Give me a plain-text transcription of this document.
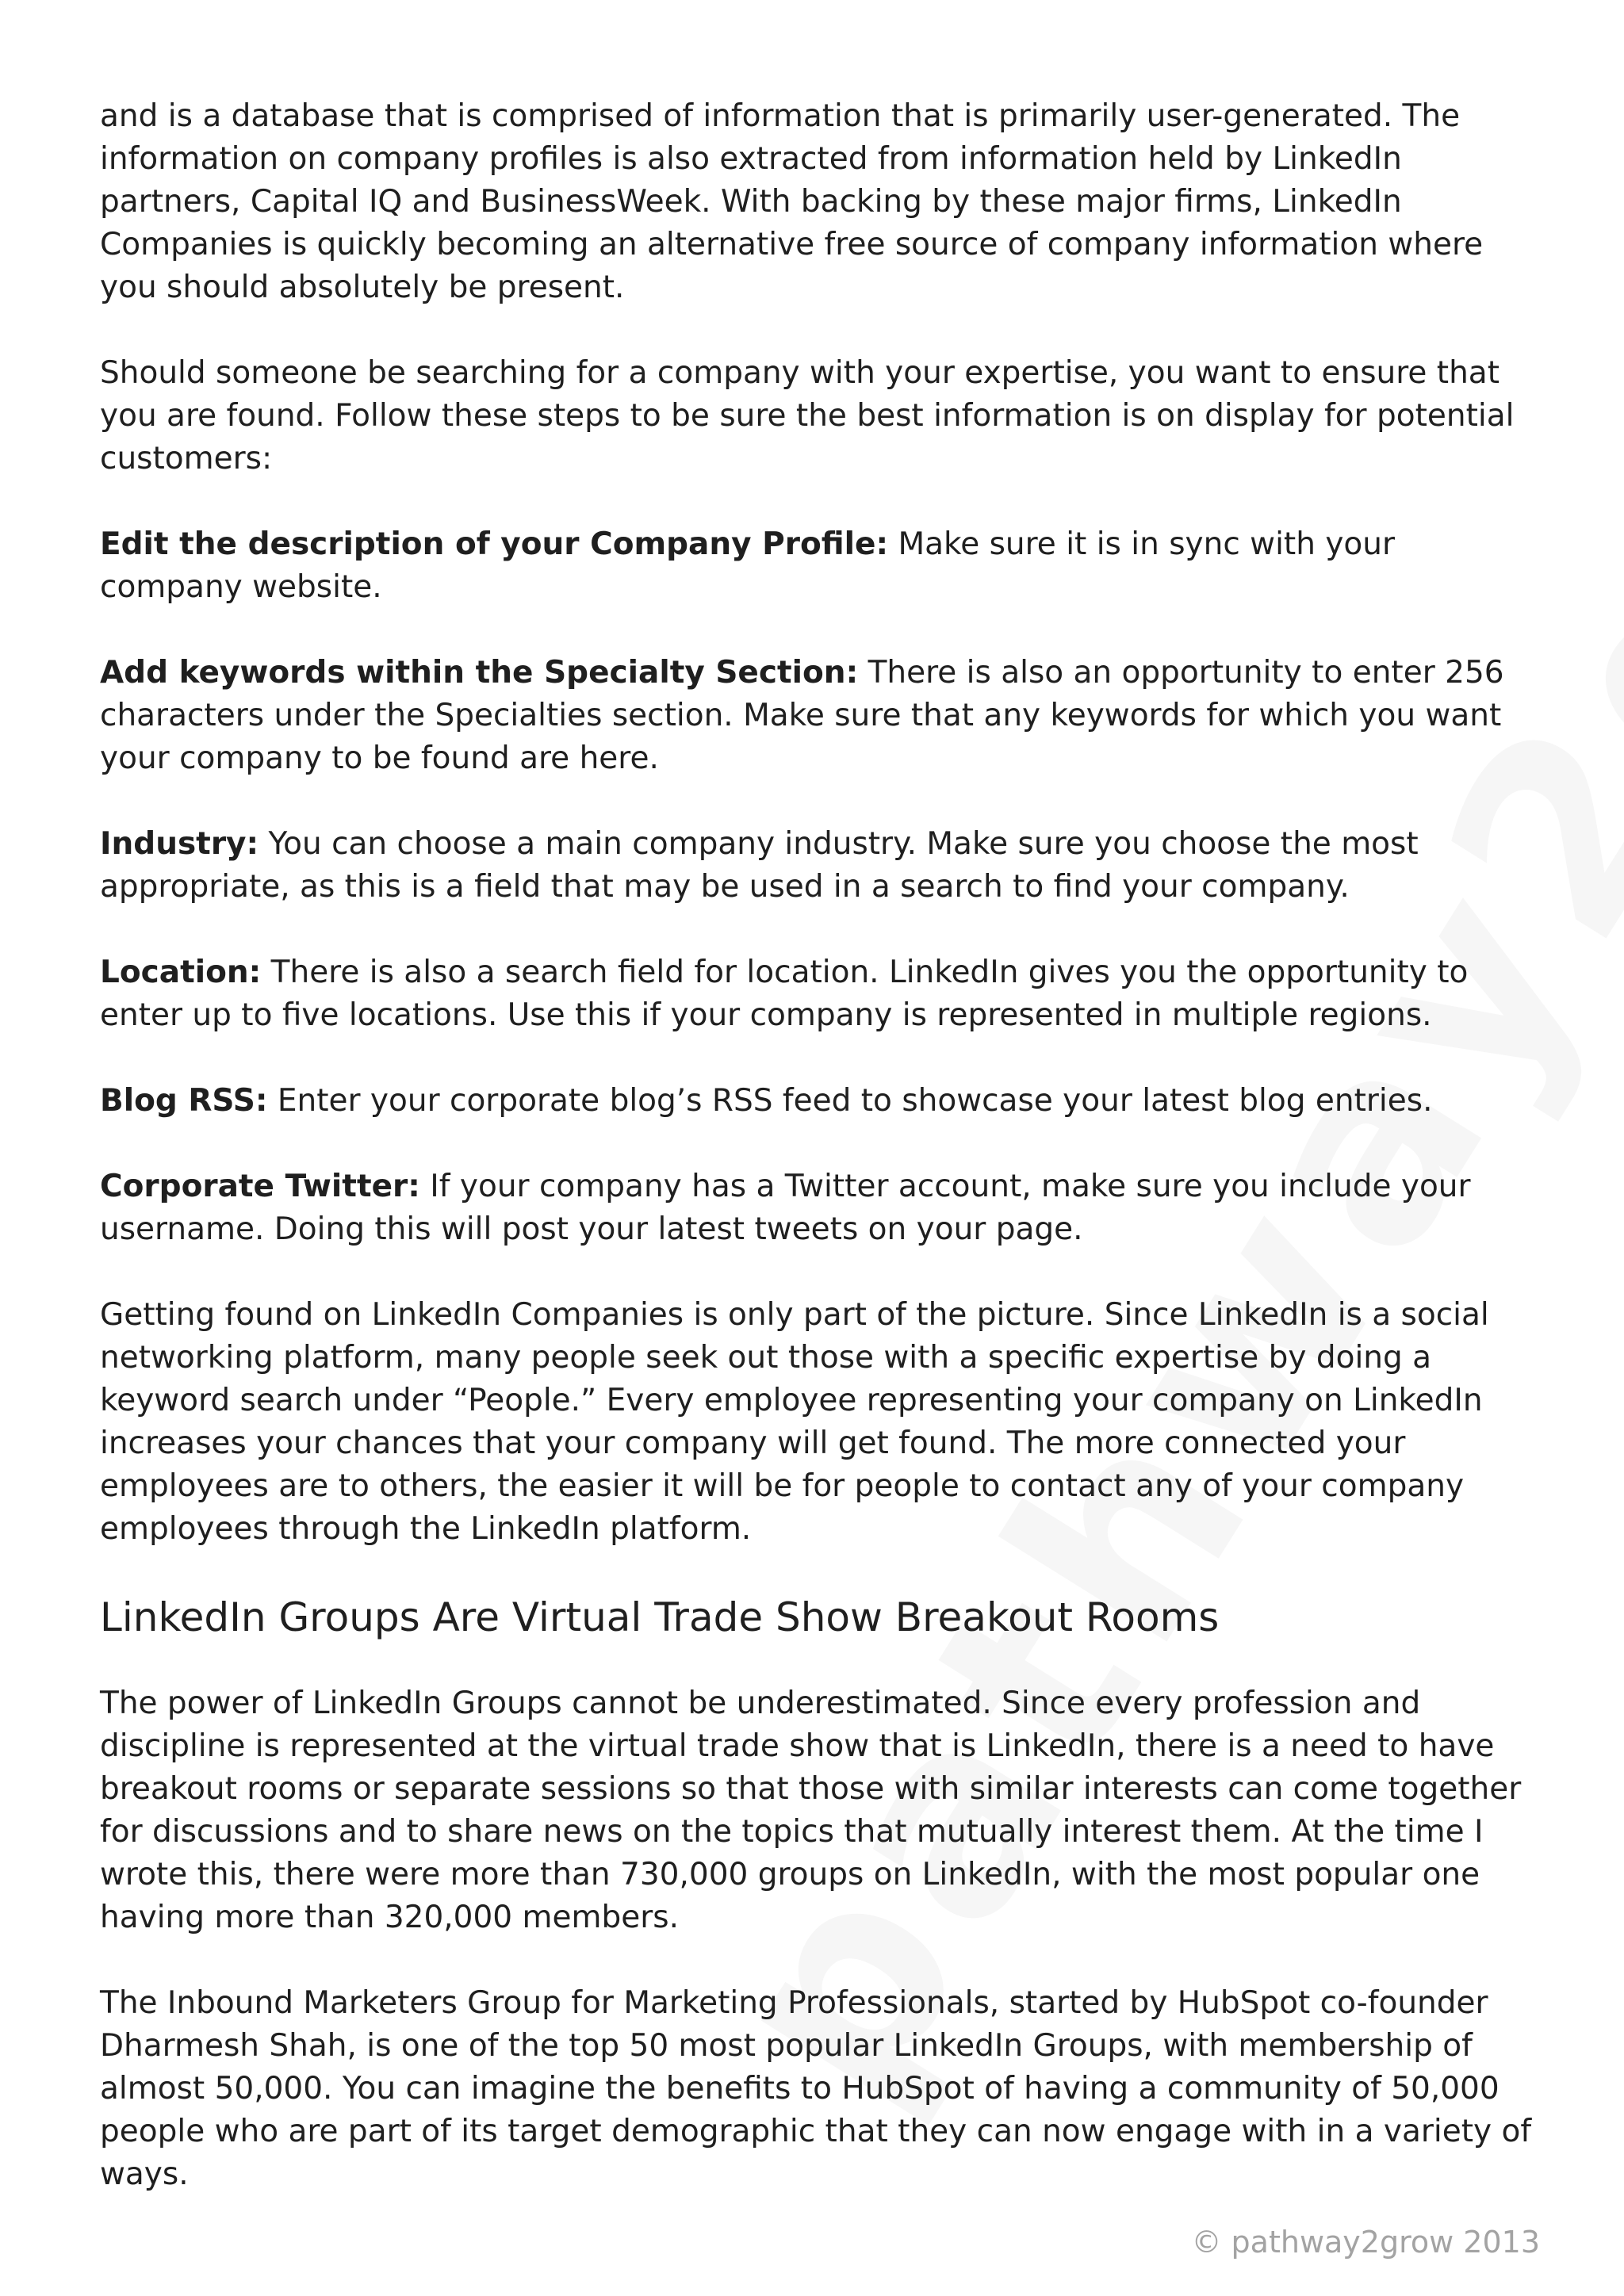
and is a database that is comprised of information that is primarily user-generated. The information on company profiles is also extracted from information held by LinkedIn partners, Capital IQ and BusinessWeek. With backing by these major firms, LinkedIn Companies is quickly becoming an alternative free source of company information where you should absolutely be present.

Should someone be searching for a company with your expertise, you want to ensure that you are found. Follow these steps to be sure the best information is on display for potential customers:

Edit the description of your Company Profile: Make sure it is in sync with your company website.

Add keywords within the Specialty Section: There is also an opportunity to enter 256 characters under the Specialties section. Make sure that any keywords for which you want your company to be found are here.

Industry: You can choose a main company industry. Make sure you choose the most appropriate, as this is a field that may be used in a search to find your company.

Location: There is also a search field for location. LinkedIn gives you the opportunity to enter up to five locations. Use this if your company is represented in multiple regions.

Blog RSS: Enter your corporate blog’s RSS feed to showcase your latest blog entries.

Corporate Twitter: If your company has a Twitter account, make sure you include your username. Doing this will post your latest tweets on your page.

Getting found on LinkedIn Companies is only part of the picture. Since LinkedIn is a social networking platform, many people seek out those with a specific expertise by doing a keyword search under “People.” Every employee representing your company on LinkedIn increases your chances that your company will get found. The more connected your employees are to others, the easier it will be for people to contact any of your company employees through the LinkedIn platform.

LinkedIn Groups Are Virtual Trade Show Breakout Rooms

The power of LinkedIn Groups cannot be underestimated. Since every profession and discipline is represented at the virtual trade show that is LinkedIn, there is a need to have breakout rooms or separate sessions so that those with similar interests can come together for discussions and to share news on the topics that mutually interest them. At the time I wrote this, there were more than 730,000 groups on LinkedIn, with the most popular one having more than 320,000 members.

The Inbound Marketers Group for Marketing Professionals, started by HubSpot co-founder Dharmesh Shah, is one of the top 50 most popular LinkedIn Groups, with membership of almost 50,000. You can imagine the benefits to HubSpot of having a community of 50,000 people who are part of its target demographic that they can now engage with in a variety of ways.

© pathway2grow 2013
